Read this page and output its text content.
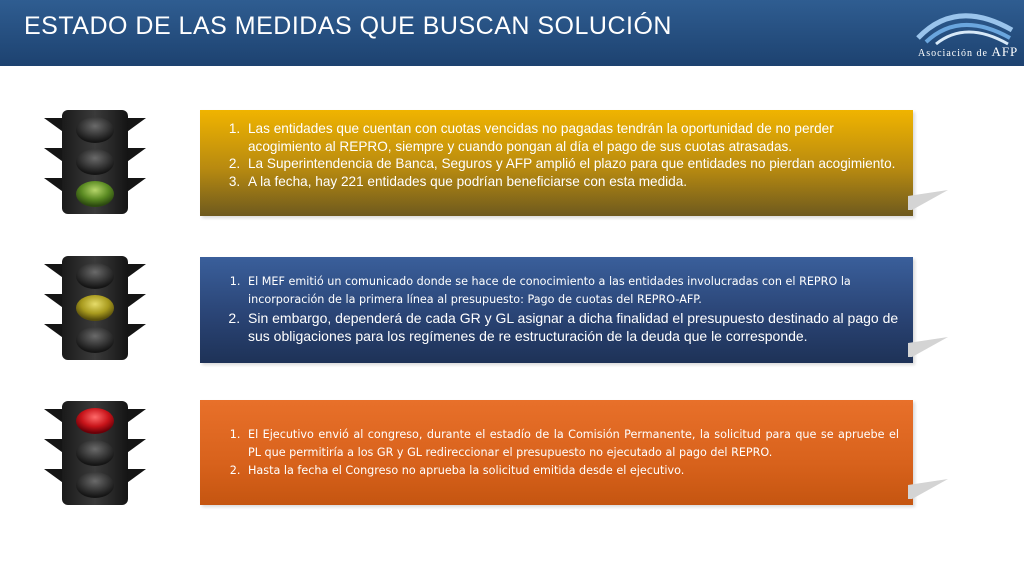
ESTADO DE LAS MEDIDAS QUE BUSCAN SOLUCIÓN
Asociación de AFP
1. Las entidades que cuentan con cuotas vencidas no pagadas tendrán la oportunidad de no perder acogimiento al REPRO, siempre y cuando pongan al día el pago de sus cuotas atrasadas.
2. La Superintendencia de Banca, Seguros y AFP amplió el plazo para que entidades no pierdan acogimiento.
3. A la fecha, hay 221 entidades que podrían beneficiarse con esta medida.
1. El MEF emitió un comunicado donde se hace de conocimiento a las entidades involucradas con el REPRO la incorporación de la primera línea al presupuesto: Pago de cuotas del REPRO-AFP.
2. Sin embargo, dependerá de cada GR y GL asignar a dicha finalidad el presupuesto destinado al pago de sus obligaciones para los regímenes de re estructuración de la deuda que le corresponde.
1. El Ejecutivo envió al congreso, durante el estadío de la Comisión Permanente, la solicitud para que se apruebe el PL que permitiría a los GR y GL redireccionar el presupuesto no ejecutado al pago del REPRO.
2. Hasta la fecha el Congreso no aprueba la solicitud emitida desde el ejecutivo.
